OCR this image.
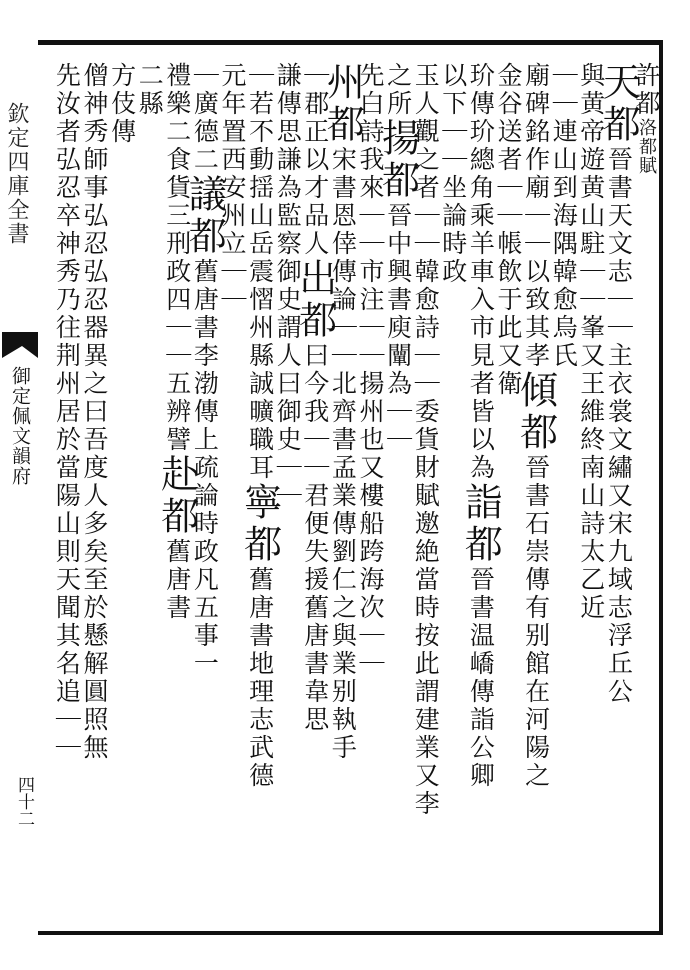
欽定四庫全書
御定佩文韻府
四十二
許都洛都賦
天都晉書天文志｜｜主衣裳文繡又宋九域志浮丘公
與黄帝遊黄山駐｜｜峯又王維終南山詩太乙近
｜｜連山到海隅韓愈烏氏
廟碑銘作廟｜｜以致其孝傾都晉書石崇傳有别館在河陽之
金谷送者｜｜帳飲于此又衛
玠傳玠總角乘羊車入市見者皆以為詣都晉書温嶠傳詣公卿
以下｜｜坐論時政
玉人觀之者｜｜韓愈詩｜｜委貨財賦邀絶當時按此謂建業又李
之所揚都晉中興書庾闡為｜｜
先白詩我來｜｜市注｜｜揚州也又樓船跨海次｜｜
州都宋書恩倖傳論｜｜北齊書孟業傳劉仁之與業别執手
｜郡正以才品人出都曰今我｜｜君便失援舊唐書韋思
謙傳思謙為監察御史謂人曰御史｜｜
｜若不動揺山岳震慴州縣誠曠職耳寧都舊唐書地理志武德
元年置西安州立｜｜
｜廣德二議都舊唐書李渤傳上疏論時政凡五事一
禮樂二食貨三刑政四｜｜五辨譬赴都舊唐書
二縣
方伎傳
僧神秀師事弘忍弘忍器異之曰吾度人多矣至於懸解圓照無
先汝者弘忍卒神秀乃往荆州居於當陽山則天聞其名追｜｜
